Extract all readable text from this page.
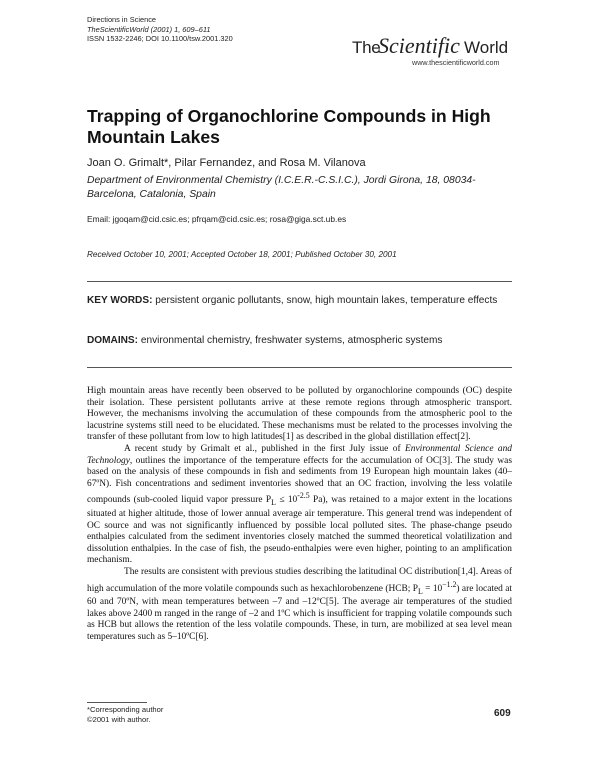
Directions in Science
TheScientificWorld (2001) 1, 609–611
ISSN 1532-2246; DOI 10.1100/tsw.2001.320	The
Scientific World
www.thescientificworld.com
Trapping of Organochlorine Compounds in High Mountain Lakes
Joan O. Grimalt*, Pilar Fernandez, and Rosa M. Vilanova
Department of Environmental Chemistry (I.C.E.R.-C.S.I.C.), Jordi Girona, 18, 08034-Barcelona, Catalonia, Spain
Email: jgoqam@cid.csic.es; pfrqam@cid.csic.es; rosa@giga.sct.ub.es
Received October 10, 2001; Accepted October 18, 2001; Published October 30, 2001
KEY WORDS: persistent organic pollutants, snow, high mountain lakes, temperature effects
DOMAINS: environmental chemistry, freshwater systems, atmospheric systems

High mountain areas have recently been observed to be polluted by organochlorine compounds (OC) despite their isolation. These persistent pollutants arrive at these remote regions through atmospheric transport. However, the mechanisms involving the accumulation of these compounds from the atmospheric pool to the lacustrine systems still need to be elucidated. These mechanisms must be related to the processes involving the transfer of these pollutant from low to high latitudes[1] as described in the global distillation effect[2].

A recent study by Grimalt et al., published in the first July issue of Environmental Science and Technology, outlines the importance of the temperature effects for the accumulation of OC[3]. The study was based on the analysis of these compounds in fish and sediments from 19 European high mountain lakes (40–67ºN). Fish concentrations and sediment inventories showed that an OC fraction, involving the less volatile compounds (sub-cooled liquid vapor pressure $P_L \le 10^{-2.5}$ Pa), was retained to a major extent in the locations situated at higher altitude, those of lower annual average air temperature. This general trend was independent of OC source and was not significantly influenced by possible local polluted sites. The phase-change pseudo enthalpies calculated from the sediment inventories closely matched the summed theoretical volatilization and dissolution enthalpies. In the case of fish, the pseudo-enthalpies were even higher, pointing to an amplification mechanism.

The results are consistent with previous studies describing the latitudinal OC distribution[1,4]. Areas of high accumulation of the more volatile compounds such as hexachlorobenzene (HCB; $P_L = 10^{-1.2}$) are located at 60 and 70ºN, with mean temperatures between –7 and –12ºC[5]. The average air temperatures of the studied lakes above 2400 m ranged in the range of –2 and 1ºC which is insufficient for trapping volatile compounds such as HCB but allows the retention of the less volatile compounds. These, in turn, are mobilized at sea level mean temperatures such as 5–10ºC[6].

*Corresponding author
©2001 with author.
609
